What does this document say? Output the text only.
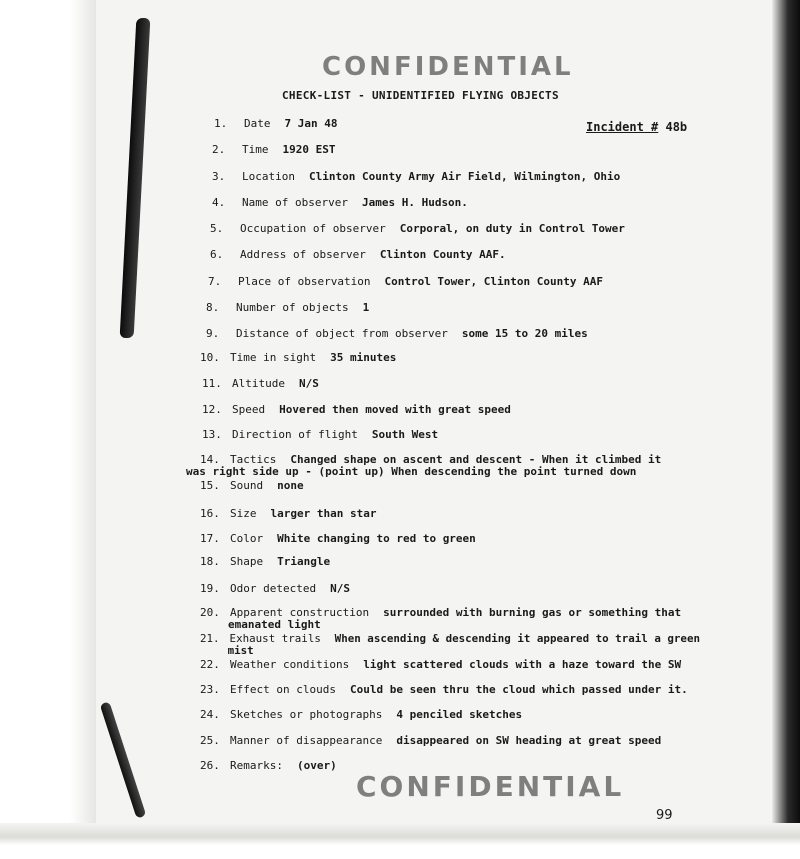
CONFIDENTIAL
CHECK-LIST - UNIDENTIFIED FLYING OBJECTS
Incident # 48b
1. Date 7 Jan 48
2. Time 1920 EST
3. Location Clinton County Army Air Field, Wilmington, Ohio
4. Name of observer James H. Hudson.
5. Occupation of observer Corporal, on duty in Control Tower
6. Address of observer Clinton County AAF.
7. Place of observation Control Tower, Clinton County AAF
8. Number of objects 1
9. Distance of object from observer some 15 to 20 miles
10. Time in sight 35 minutes
11. Altitude N/S
12. Speed Hovered then moved with great speed
13. Direction of flight South West
14. Tactics Changed shape on ascent and descent - When it climbed it
was right side up - (point up) When descending the point turned down
15. Sound none
16. Size larger than star
17. Color White changing to red to green
18. Shape Triangle
19. Odor detected N/S
20. Apparent construction surrounded with burning gas or something that
emanated light
21. Exhaust trails When ascending & descending it appeared to trail a green
mist
22. Weather conditions light scattered clouds with a haze toward the SW
23. Effect on clouds Could be seen thru the cloud which passed under it.
24. Sketches or photographs 4 penciled sketches
25. Manner of disappearance disappeared on SW heading at great speed
26. Remarks: (over)
CONFIDENTIAL
99
